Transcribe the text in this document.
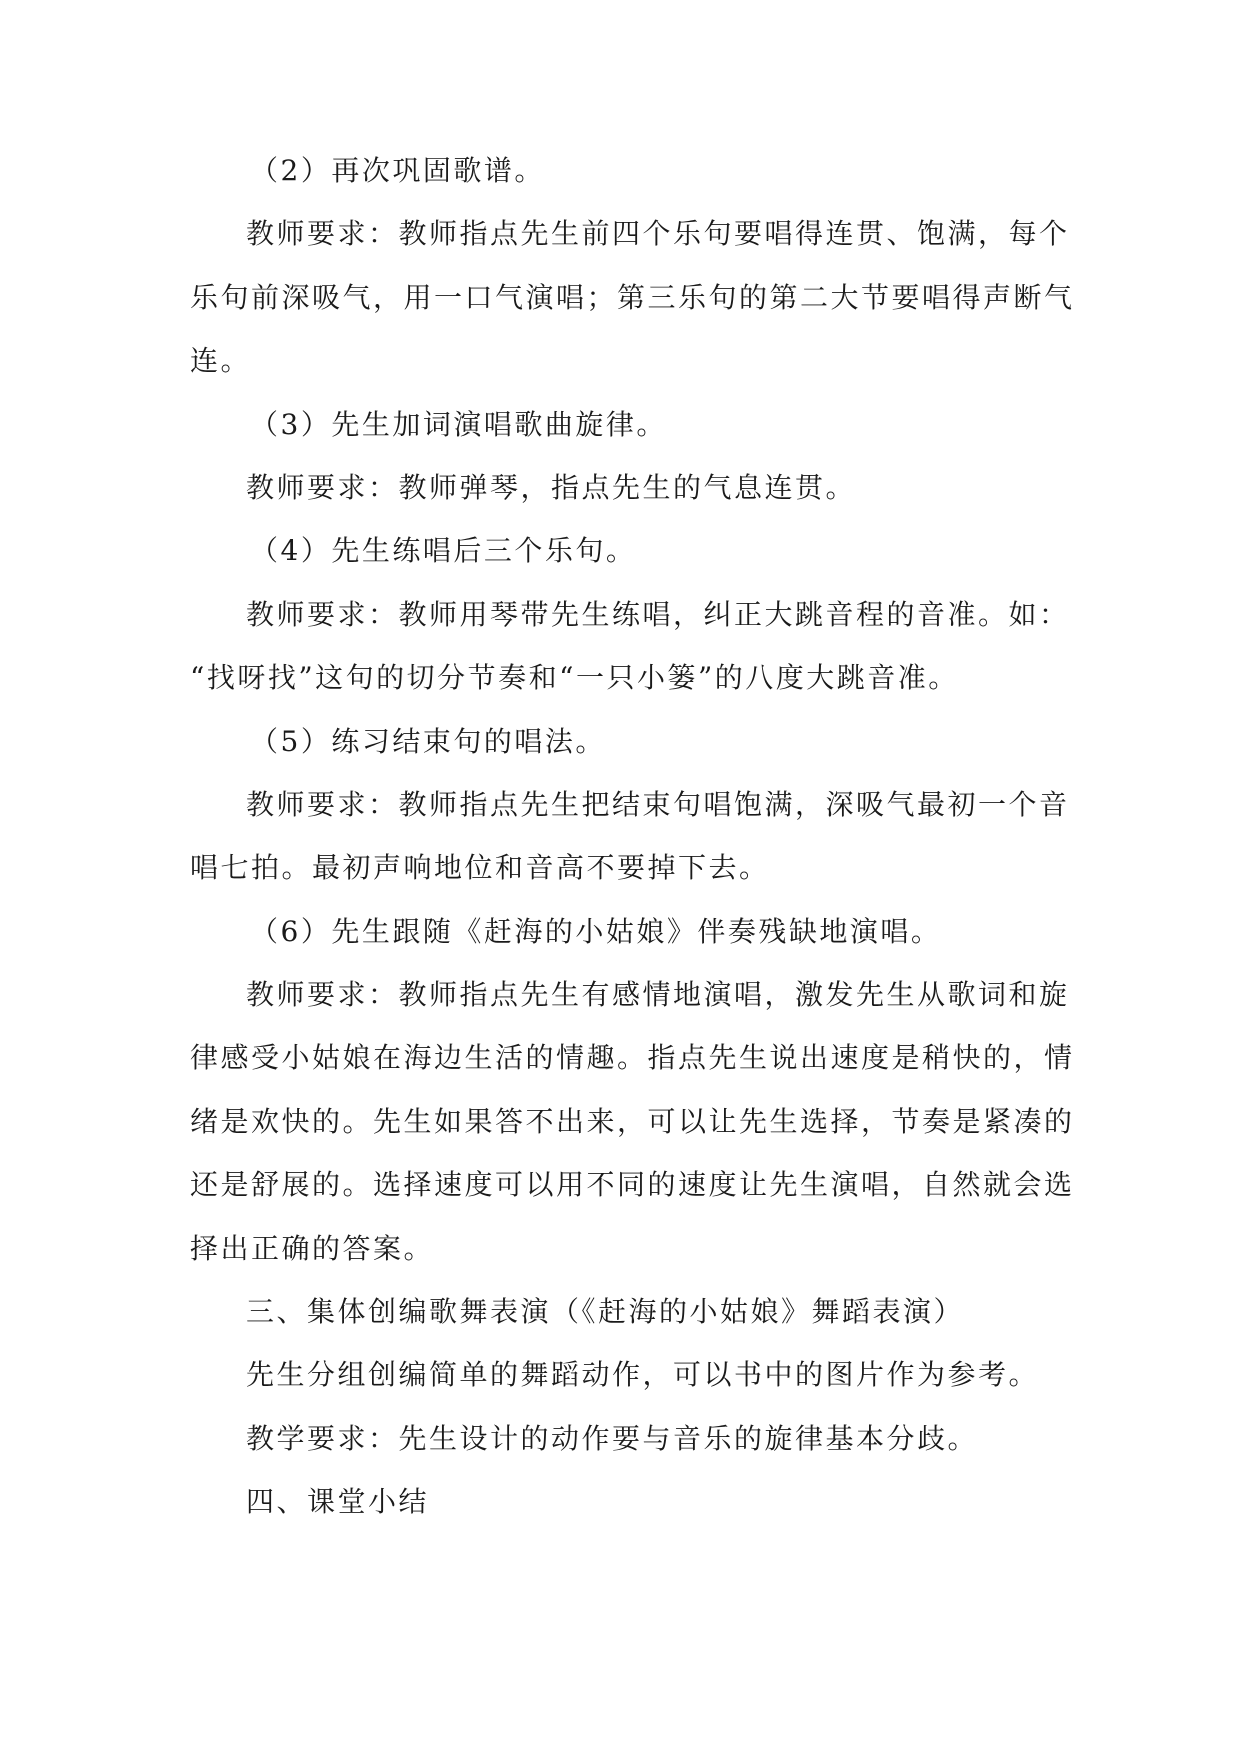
（2）再次巩固歌谱。
教师要求：教师指点先生前四个乐句要唱得连贯、饱满，每个
乐句前深吸气，用一口气演唱；第三乐句的第二大节要唱得声断气
连。
（3）先生加词演唱歌曲旋律。
教师要求：教师弹琴，指点先生的气息连贯。
（4）先生练唱后三个乐句。
教师要求：教师用琴带先生练唱，纠正大跳音程的音准。如：
“找呀找”这句的切分节奏和“一只小篓”的八度大跳音准。
（5）练习结束句的唱法。
教师要求：教师指点先生把结束句唱饱满，深吸气最初一个音
唱七拍。最初声响地位和音高不要掉下去。
（6）先生跟随《赶海的小姑娘》伴奏残缺地演唱。
教师要求：教师指点先生有感情地演唱，激发先生从歌词和旋
律感受小姑娘在海边生活的情趣。指点先生说出速度是稍快的，情
绪是欢快的。先生如果答不出来，可以让先生选择，节奏是紧凑的
还是舒展的。选择速度可以用不同的速度让先生演唱，自然就会选
择出正确的答案。
三、集体创编歌舞表演（《赶海的小姑娘》舞蹈表演）
先生分组创编简单的舞蹈动作，可以书中的图片作为参考。
教学要求：先生设计的动作要与音乐的旋律基本分歧。
四、课堂小结
